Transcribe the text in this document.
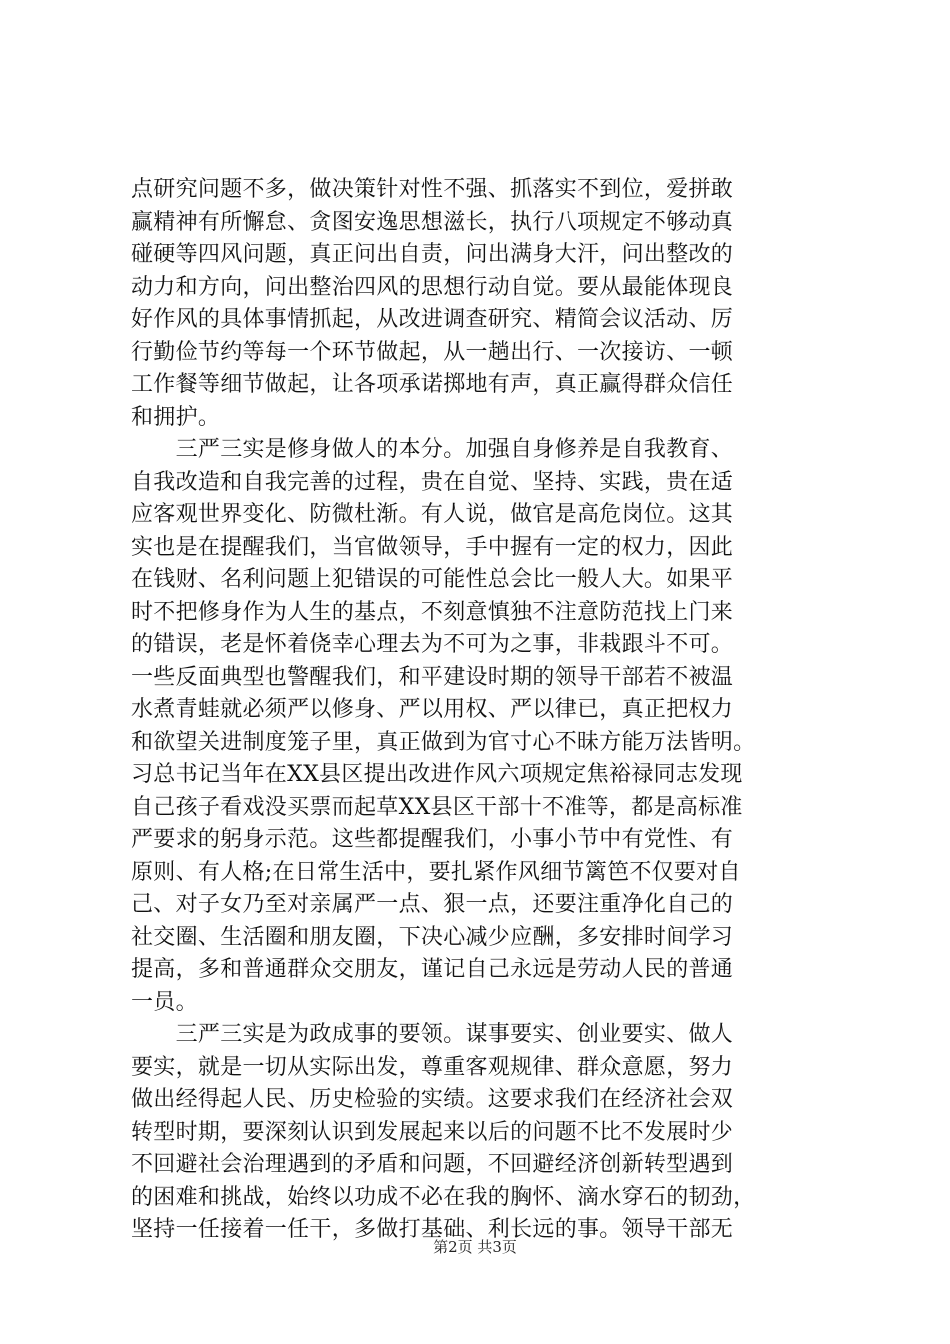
点研究问题不多，做决策针对性不强、抓落实不到位，爱拼敢
赢精神有所懈怠、贪图安逸思想滋长，执行八项规定不够动真
碰硬等四风问题，真正问出自责，问出满身大汗，问出整改的
动力和方向，问出整治四风的思想行动自觉。要从最能体现良
好作风的具体事情抓起，从改进调查研究、精简会议活动、厉
行勤俭节约等每一个环节做起，从一趟出行、一次接访、一顿
工作餐等细节做起，让各项承诺掷地有声，真正赢得群众信任
和拥护。
　　三严三实是修身做人的本分。加强自身修养是自我教育、
自我改造和自我完善的过程，贵在自觉、坚持、实践，贵在适
应客观世界变化、防微杜渐。有人说，做官是高危岗位。这其
实也是在提醒我们，当官做领导，手中握有一定的权力，因此
在钱财、名利问题上犯错误的可能性总会比一般人大。如果平
时不把修身作为人生的基点，不刻意慎独不注意防范找上门来
的错误，老是怀着侥幸心理去为不可为之事，非栽跟斗不可。
一些反面典型也警醒我们，和平建设时期的领导干部若不被温
水煮青蛙就必须严以修身、严以用权、严以律已，真正把权力
和欲望关进制度笼子里，真正做到为官寸心不昧方能万法皆明。
习总书记当年在XX县区提出改进作风六项规定焦裕禄同志发现
自己孩子看戏没买票而起草XX县区干部十不准等，都是高标准
严要求的躬身示范。这些都提醒我们，小事小节中有党性、有
原则、有人格;在日常生活中，要扎紧作风细节篱笆不仅要对自
己、对子女乃至对亲属严一点、狠一点，还要注重净化自己的
社交圈、生活圈和朋友圈，下决心减少应酬，多安排时间学习
提高，多和普通群众交朋友，谨记自己永远是劳动人民的普通
一员。
　　三严三实是为政成事的要领。谋事要实、创业要实、做人
要实，就是一切从实际出发，尊重客观规律、群众意愿，努力
做出经得起人民、历史检验的实绩。这要求我们在经济社会双
转型时期，要深刻认识到发展起来以后的问题不比不发展时少
不回避社会治理遇到的矛盾和问题，不回避经济创新转型遇到
的困难和挑战，始终以功成不必在我的胸怀、滴水穿石的韧劲，
坚持一任接着一任干，多做打基础、利长远的事。领导干部无
第2页 共3页
